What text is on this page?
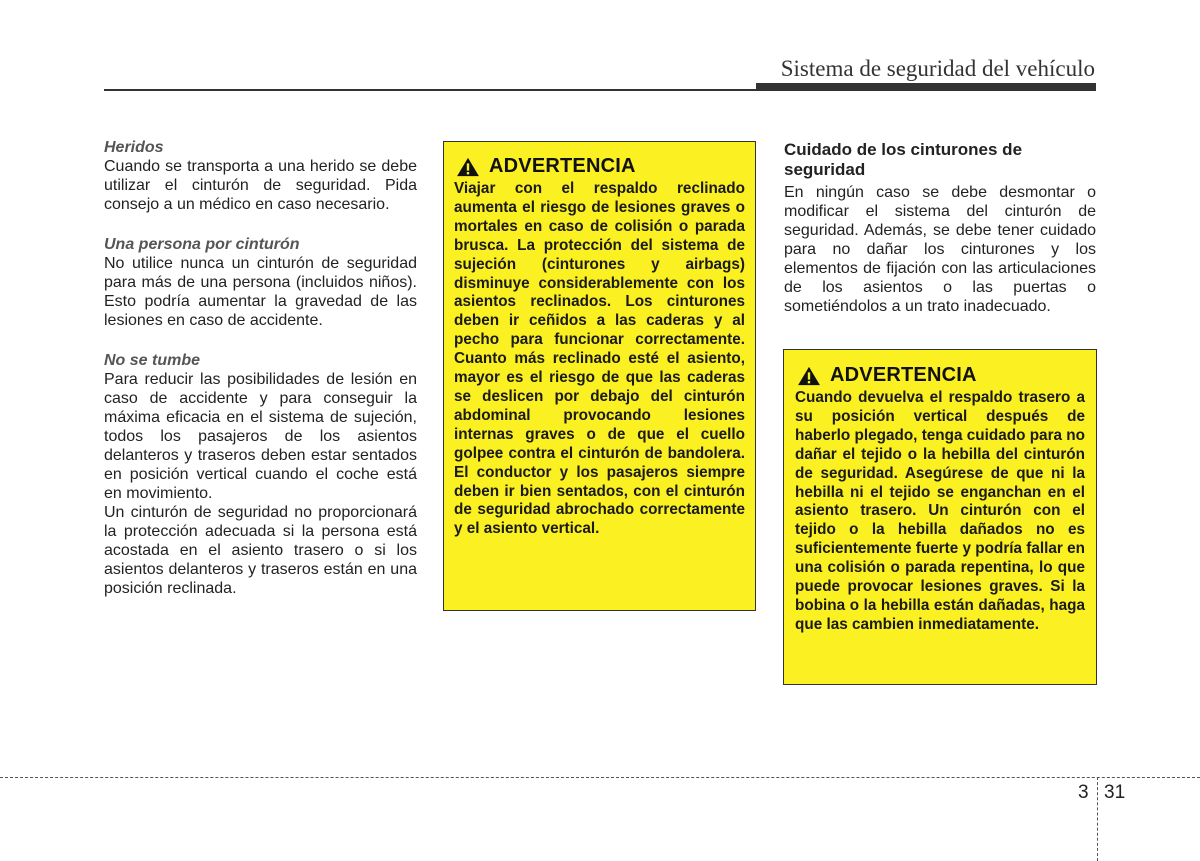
Sistema de seguridad del vehículo

Heridos

Cuando se transporta a una herido se debe utilizar el cinturón de seguridad. Pida consejo a un médico en caso necesario.

Una persona por cinturón

No utilice nunca un cinturón de seguridad para más de una persona (incluidos niños). Esto podría aumentar la gravedad de las lesiones en caso de accidente.

No se tumbe

Para reducir las posibilidades de lesión en caso de accidente y para conseguir la máxima eficacia en el sistema de sujeción, todos los pasajeros de los asientos delanteros y traseros deben estar sentados en posición vertical cuando el coche está en movimiento.

Un cinturón de seguridad no proporcionará la protección adecuada si la persona está acostada en el asiento trasero o si los asientos delanteros y traseros están en una posición reclinada.

ADVERTENCIA

Viajar con el respaldo reclinado aumenta el riesgo de lesiones graves o mortales en caso de colisión o parada brusca. La protección del sistema de sujeción (cinturones y airbags) disminuye considerablemente con los asientos reclinados. Los cinturones deben ir ceñidos a las caderas y al pecho para funcionar correctamente. Cuanto más reclinado esté el asiento, mayor es el riesgo de que las caderas se deslicen por debajo del cinturón abdominal provocando lesiones internas graves o de que el cuello golpee contra el cinturón de bandolera. El conductor y los pasajeros siempre deben ir bien sentados, con el cinturón de seguridad abrochado correctamente y el asiento vertical.

Cuidado de los cinturones de seguridad

En ningún caso se debe desmontar o modificar el sistema del cinturón de seguridad. Además, se debe tener cuidado para no dañar los cinturones y los elementos de fijación con las articulaciones de los asientos o las puertas o sometiéndolos a un trato inadecuado.

ADVERTENCIA

Cuando devuelva el respaldo trasero a su posición vertical después de haberlo plegado, tenga cuidado para no dañar el tejido o la hebilla del cinturón de seguridad. Asegúrese de que ni la hebilla ni el tejido se enganchan en el asiento trasero. Un cinturón con el tejido o la hebilla dañados no es suficientemente fuerte y podría fallar en una colisión o parada repentina, lo que puede provocar lesiones graves. Si la bobina o la hebilla están dañadas, haga que las cambien inmediatamente.

3 31
